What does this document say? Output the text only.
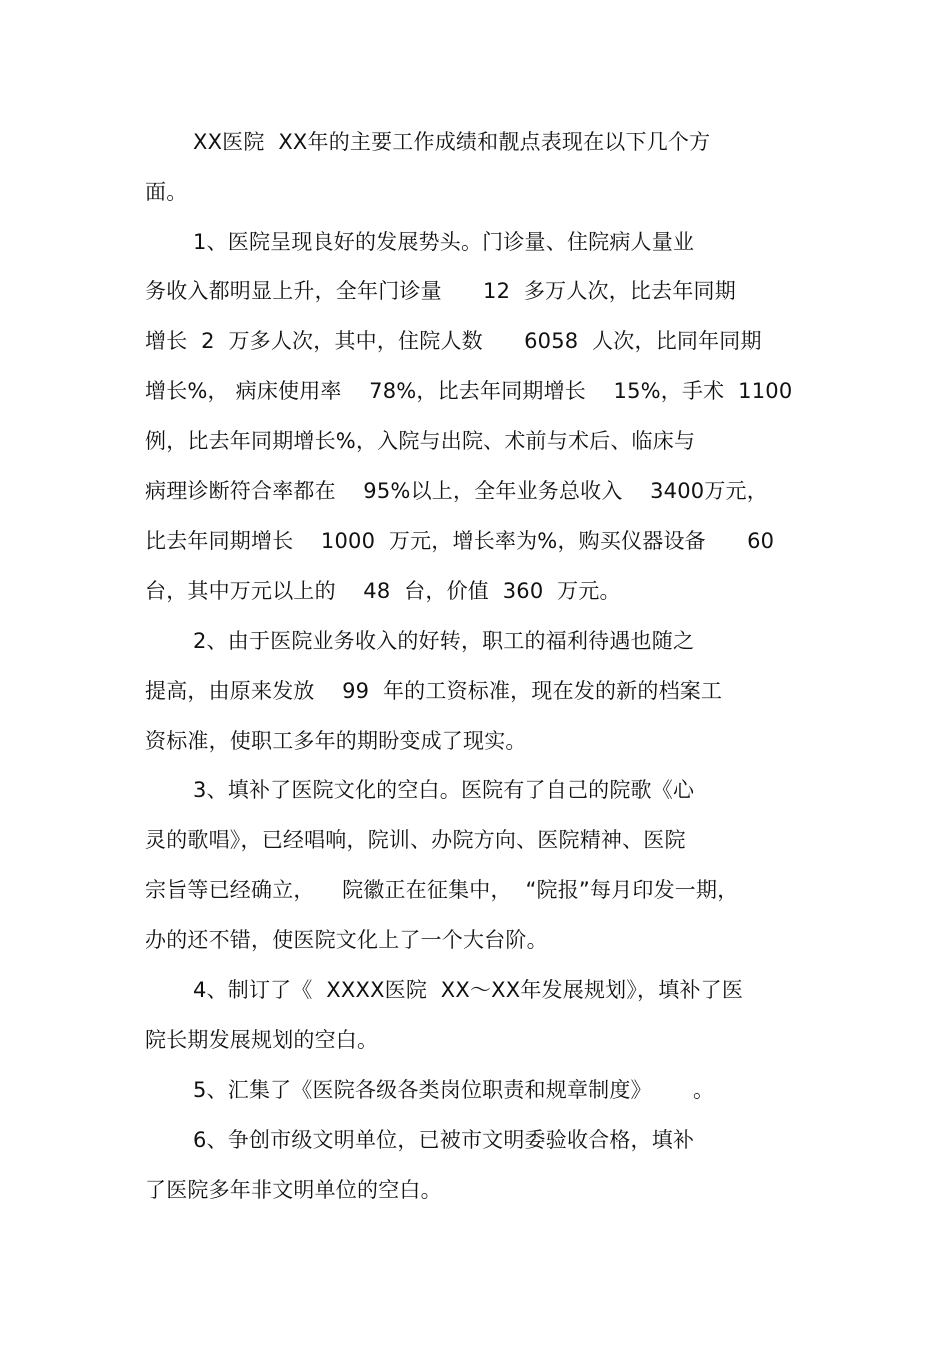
XX医院  XX年的主要工作成绩和靓点表现在以下几个方
面。
1、医院呈现良好的发展势头。门诊量、住院病人量业
务收入都明显上升，全年门诊量      12  多万人次，比去年同期
增长  2  万多人次，其中，住院人数      6058  人次，比同年同期
增长%， 病床使用率    78%，比去年同期增长    15%，手术  1100
例，比去年同期增长%，入院与出院、术前与术后、临床与
病理诊断符合率都在    95%以上，全年业务总收入    3400万元，
比去年同期增长    1000  万元，增长率为%，购买仪器设备      60
台，其中万元以上的    48  台，价值  360  万元。
2、由于医院业务收入的好转，职工的福利待遇也随之
提高，由原来发放    99  年的工资标准，现在发的新的档案工
资标准，使职工多年的期盼变成了现实。
3、填补了医院文化的空白。医院有了自己的院歌《心
灵的歌唱》，已经唱响，院训、办院方向、医院精神、医院
宗旨等已经确立，    院徽正在征集中，  “院报”每月印发一期，
办的还不错，使医院文化上了一个大台阶。
4、制订了《  XXXX医院  XX～XX年发展规划》，填补了医
院长期发展规划的空白。
5、汇集了《医院各级各类岗位职责和规章制度》      。
6、争创市级文明单位，已被市文明委验收合格，填补
了医院多年非文明单位的空白。
